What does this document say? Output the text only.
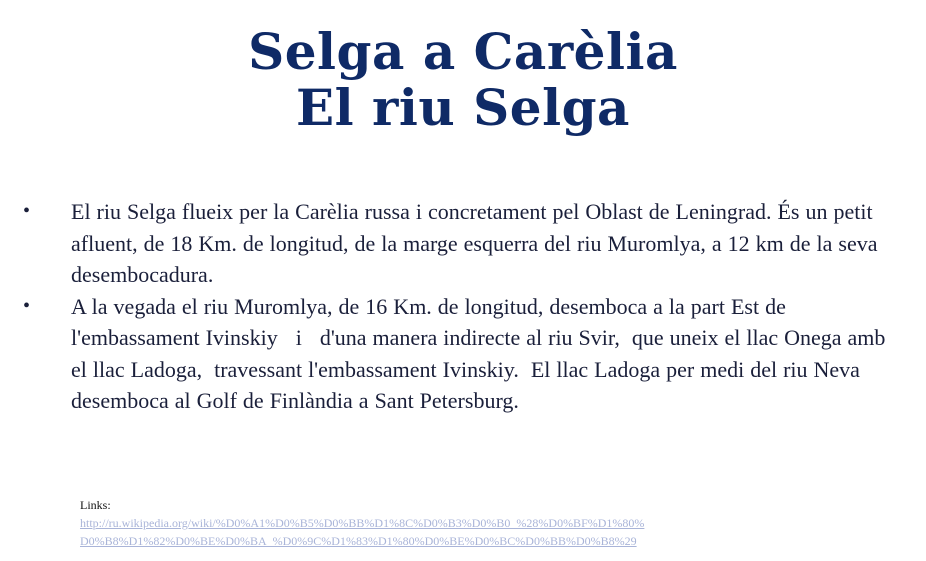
Selga a Carèlia
El riu Selga
• El riu Selga flueix per la Carèlia russa i concretament pel Oblast de Leningrad. És un petit afluent, de 18 Km. de longitud, de la marge esquerra del riu Muromlya, a 12 km de la seva desembocadura.
• A la vegada el riu Muromlya, de 16 Km. de longitud, desemboca a la part Est de l'embassament Ivinskiy   i   d'una manera indirecte al riu Svir,  que uneix el llac Onega amb el llac Ladoga,  travessant l'embassament Ivinskiy.  El llac Ladoga per medi del riu Neva desemboca al Golf de Finlàndia a Sant Petersburg.
Links:
http://ru.wikipedia.org/wiki/%D0%A1%D0%B5%D0%BB%D1%8C%D0%B3%D0%B0_%28%D0%BF%D1%80%
D0%B8%D1%82%D0%BE%D0%BA_%D0%9C%D1%83%D1%80%D0%BE%D0%BC%D0%BB%D0%B8%29
